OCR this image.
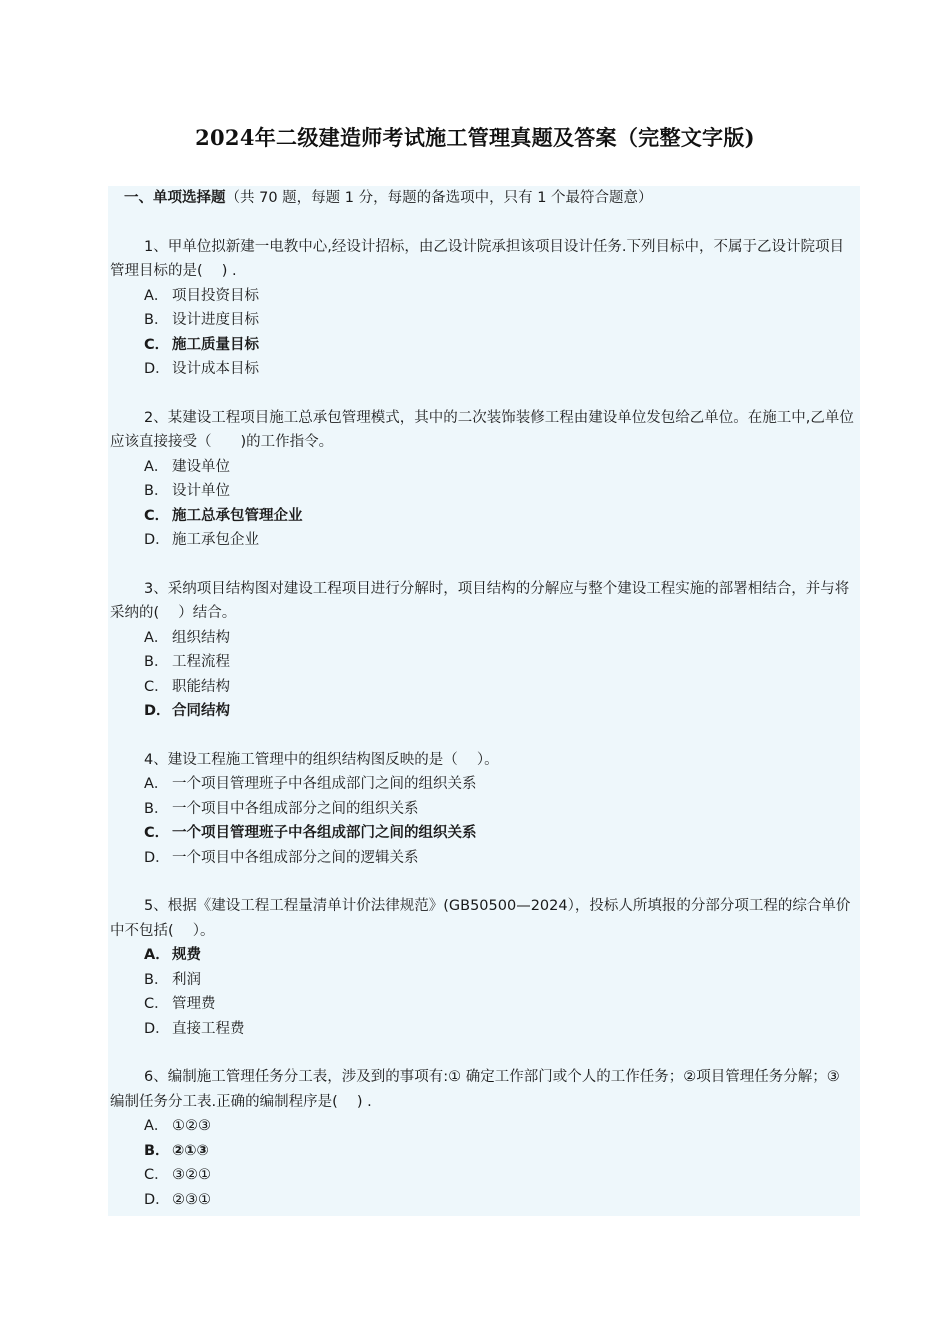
2024年二级建造师考试施工管理真题及答案（完整文字版)
一、单项选择题（共 70 题，每题 1 分，每题的备选项中，只有 1 个最符合题意）
1、甲单位拟新建一电教中心,经设计招标，由乙设计院承担该项目设计任务.下列目标中，不属于乙设计院项目管理目标的是(　 ) .
A． 项目投资目标
B． 设计进度目标
C． 施工质量目标
D． 设计成本目标
2、某建设工程项目施工总承包管理模式，其中的二次装饰装修工程由建设单位发包给乙单位。在施工中,乙单位应该直接接受（　　)的工作指令。
A． 建设单位
B． 设计单位
C． 施工总承包管理企业
D． 施工承包企业
3、采纳项目结构图对建设工程项目进行分解时，项目结构的分解应与整个建设工程实施的部署相结合，并与将采纳的(　 ）结合。
A． 组织结构
B． 工程流程
C． 职能结构
D．合同结构
4、建设工程施工管理中的组织结构图反映的是（　 ）。
A． 一个项目管理班子中各组成部门之间的组织关系
B． 一个项目中各组成部分之间的组织关系
C． 一个项目管理班子中各组成部门之间的组织关系
D． 一个项目中各组成部分之间的逻辑关系
5、根据《建设工程工程量清单计价法律规范》(GB50500—2024），投标人所填报的分部分项工程的综合单价中不包括(　 ）。
A． 规费
B． 利润
C． 管理费
D． 直接工程费
6、编制施工管理任务分工表，涉及到的事项有:① 确定工作部门或个人的工作任务；②项目管理任务分解；③编制任务分工表.正确的编制程序是(　 ) .
A． ①②③
B． ②①③
C． ③②①
D． ②③①
